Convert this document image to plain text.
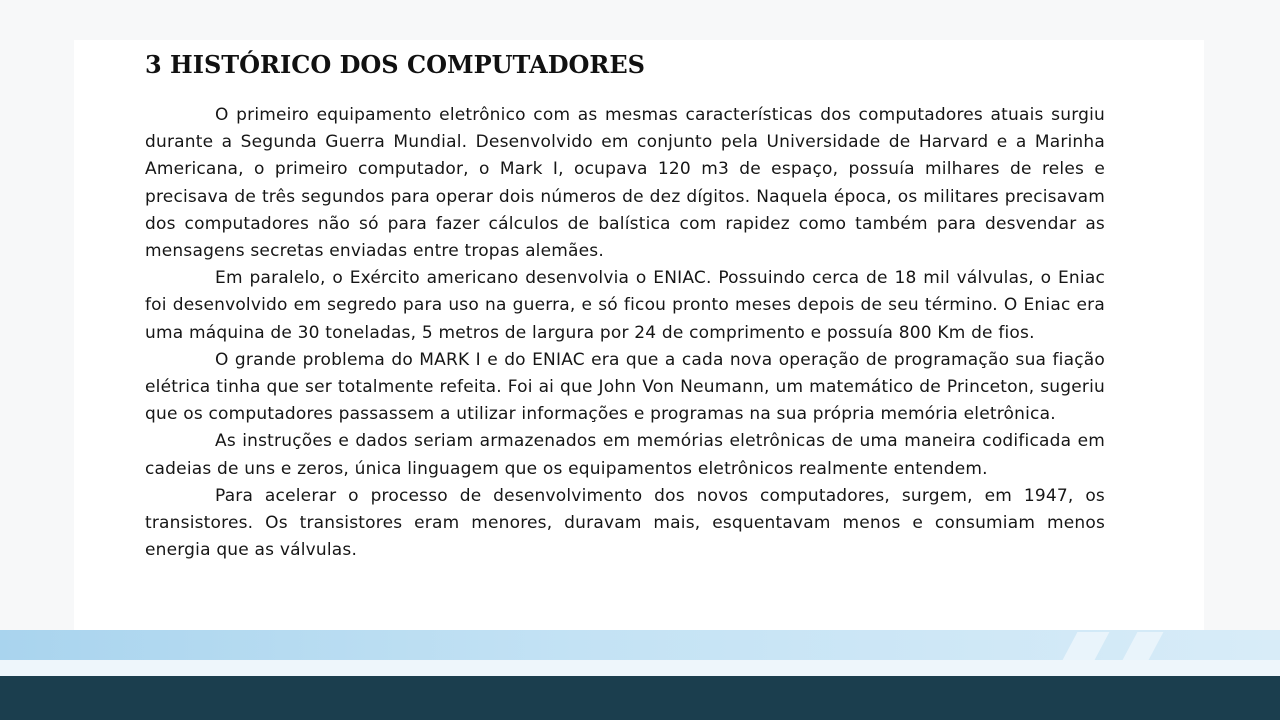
3 HISTÓRICO DOS COMPUTADORES

O primeiro equipamento eletrônico com as mesmas características dos computadores atuais surgiu durante a Segunda Guerra Mundial. Desenvolvido em conjunto pela Universidade de Harvard e a Marinha Americana, o primeiro computador, o Mark I, ocupava 120 m3 de espaço, possuía milhares de reles e precisava de três segundos para operar dois números de dez dígitos. Naquela época, os militares precisavam dos computadores não só para fazer cálculos de balística com rapidez como também para desvendar as mensagens secretas enviadas entre tropas alemães.

Em paralelo, o Exército americano desenvolvia o ENIAC. Possuindo cerca de 18 mil válvulas, o Eniac foi desenvolvido em segredo para uso na guerra, e só ficou pronto meses depois de seu término. O Eniac era uma máquina de 30 toneladas, 5 metros de largura por 24 de comprimento e possuía 800 Km de fios.

O grande problema do MARK I e do ENIAC era que a cada nova operação de programação sua fiação elétrica tinha que ser totalmente refeita. Foi ai que John Von Neumann, um matemático de Princeton, sugeriu que os computadores passassem a utilizar informações e programas na sua própria memória eletrônica.

As instruções e dados seriam armazenados em memórias eletrônicas de uma maneira codificada em cadeias de uns e zeros, única linguagem que os equipamentos eletrônicos realmente entendem.

Para acelerar o processo de desenvolvimento dos novos computadores, surgem, em 1947, os transistores. Os transistores eram menores, duravam mais, esquentavam menos e consumiam menos energia que as válvulas.
